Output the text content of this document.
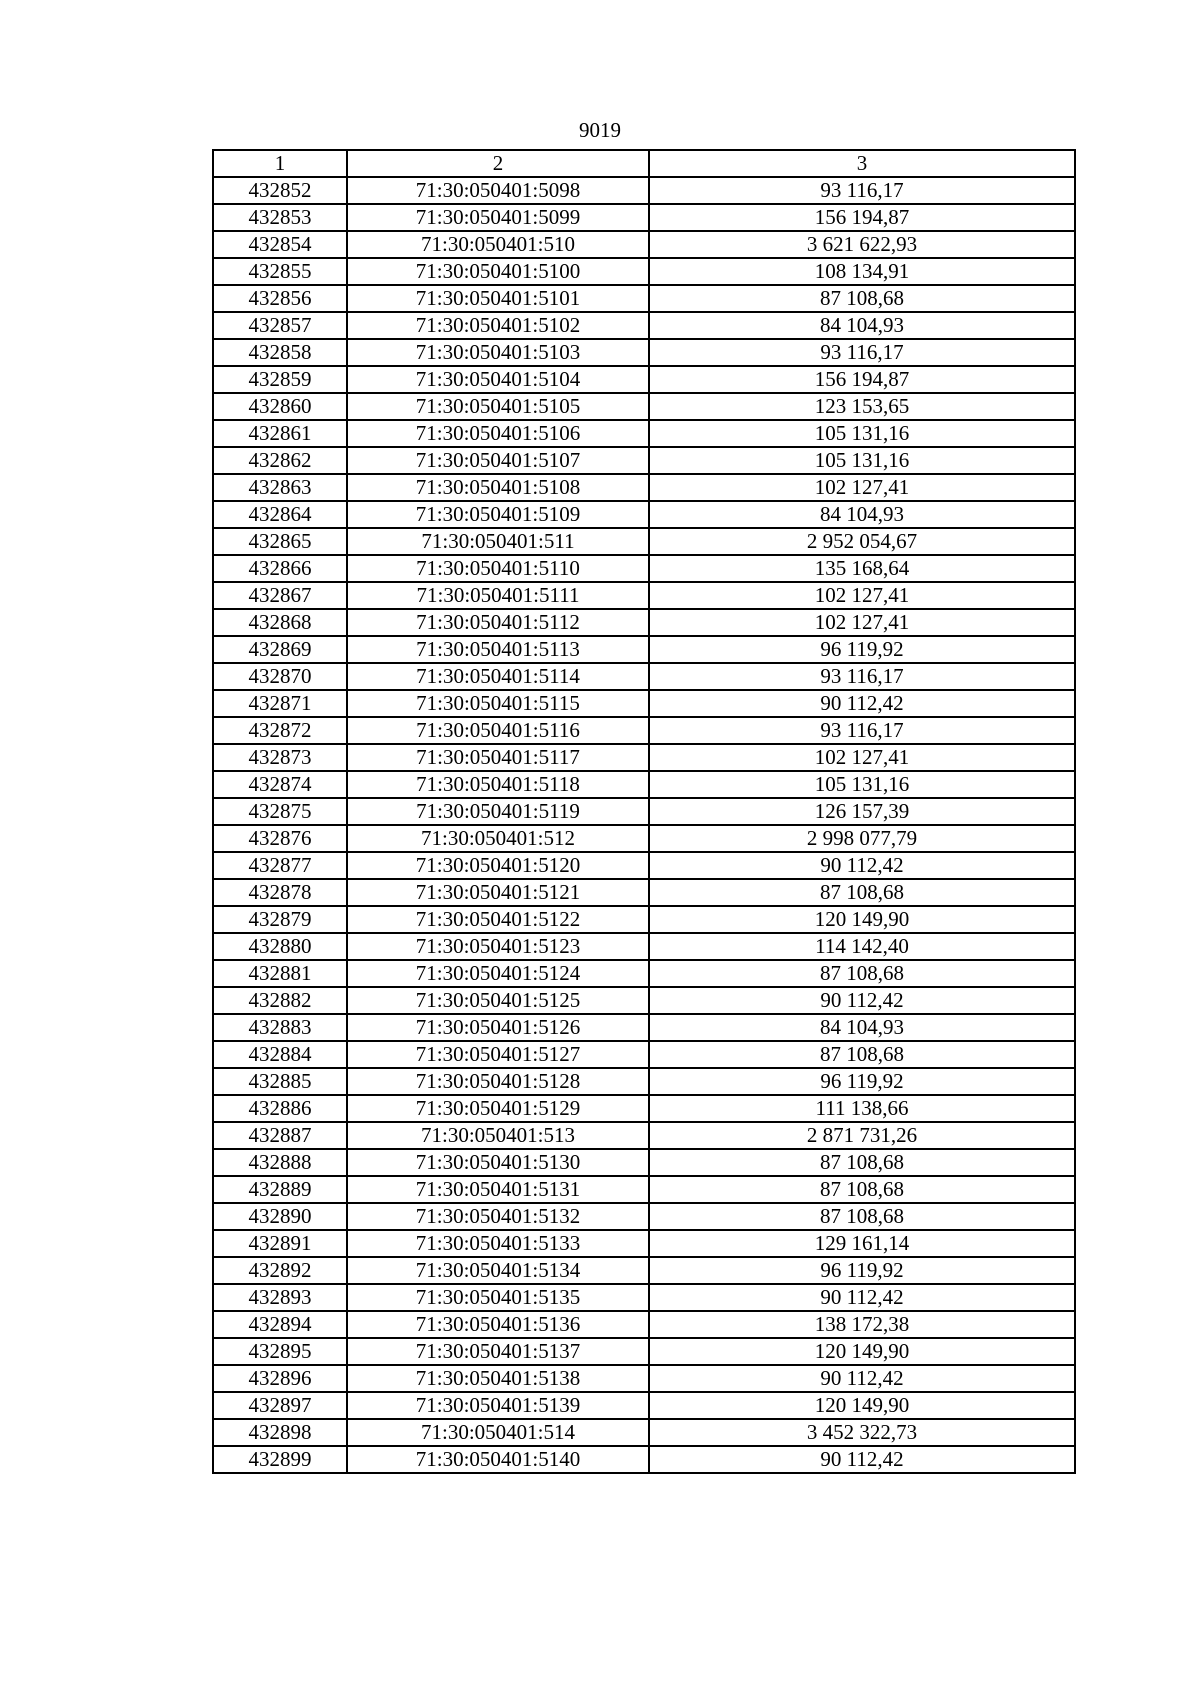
9019
1	2	3
432852	71:30:050401:5098	93 116,17
432853	71:30:050401:5099	156 194,87
432854	71:30:050401:510	3 621 622,93
432855	71:30:050401:5100	108 134,91
432856	71:30:050401:5101	87 108,68
432857	71:30:050401:5102	84 104,93
432858	71:30:050401:5103	93 116,17
432859	71:30:050401:5104	156 194,87
432860	71:30:050401:5105	123 153,65
432861	71:30:050401:5106	105 131,16
432862	71:30:050401:5107	105 131,16
432863	71:30:050401:5108	102 127,41
432864	71:30:050401:5109	84 104,93
432865	71:30:050401:511	2 952 054,67
432866	71:30:050401:5110	135 168,64
432867	71:30:050401:5111	102 127,41
432868	71:30:050401:5112	102 127,41
432869	71:30:050401:5113	96 119,92
432870	71:30:050401:5114	93 116,17
432871	71:30:050401:5115	90 112,42
432872	71:30:050401:5116	93 116,17
432873	71:30:050401:5117	102 127,41
432874	71:30:050401:5118	105 131,16
432875	71:30:050401:5119	126 157,39
432876	71:30:050401:512	2 998 077,79
432877	71:30:050401:5120	90 112,42
432878	71:30:050401:5121	87 108,68
432879	71:30:050401:5122	120 149,90
432880	71:30:050401:5123	114 142,40
432881	71:30:050401:5124	87 108,68
432882	71:30:050401:5125	90 112,42
432883	71:30:050401:5126	84 104,93
432884	71:30:050401:5127	87 108,68
432885	71:30:050401:5128	96 119,92
432886	71:30:050401:5129	111 138,66
432887	71:30:050401:513	2 871 731,26
432888	71:30:050401:5130	87 108,68
432889	71:30:050401:5131	87 108,68
432890	71:30:050401:5132	87 108,68
432891	71:30:050401:5133	129 161,14
432892	71:30:050401:5134	96 119,92
432893	71:30:050401:5135	90 112,42
432894	71:30:050401:5136	138 172,38
432895	71:30:050401:5137	120 149,90
432896	71:30:050401:5138	90 112,42
432897	71:30:050401:5139	120 149,90
432898	71:30:050401:514	3 452 322,73
432899	71:30:050401:5140	90 112,42
